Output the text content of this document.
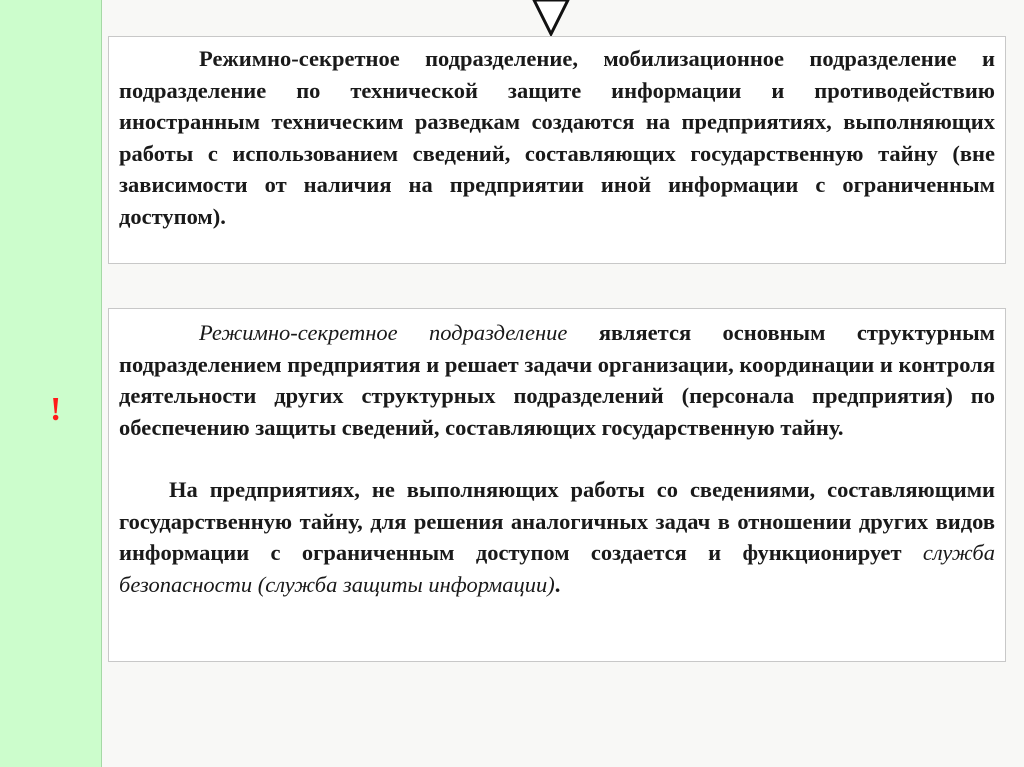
!

Режимно-секретное подразделение, мобилизационное подразделение и подразделение по технической защите информации и противодействию иностранным техническим разведкам создаются на предприятиях, выполняющих работы с использованием сведений, составляющих государственную тайну (вне зависимости от наличия на предприятии иной информации с ограниченным доступом).

Режимно-секретное подразделение является основным структурным подразделением предприятия и решает задачи организации, координации и контроля деятельности других структурных подразделений (персонала предприятия) по обеспечению защиты сведений, составляющих государственную тайну.

На предприятиях, не выполняющих работы со сведениями, составляющими государственную тайну, для решения аналогичных задач в отношении других видов информации с ограниченным доступом создается и функционирует служба безопасности (служба защиты информации).
